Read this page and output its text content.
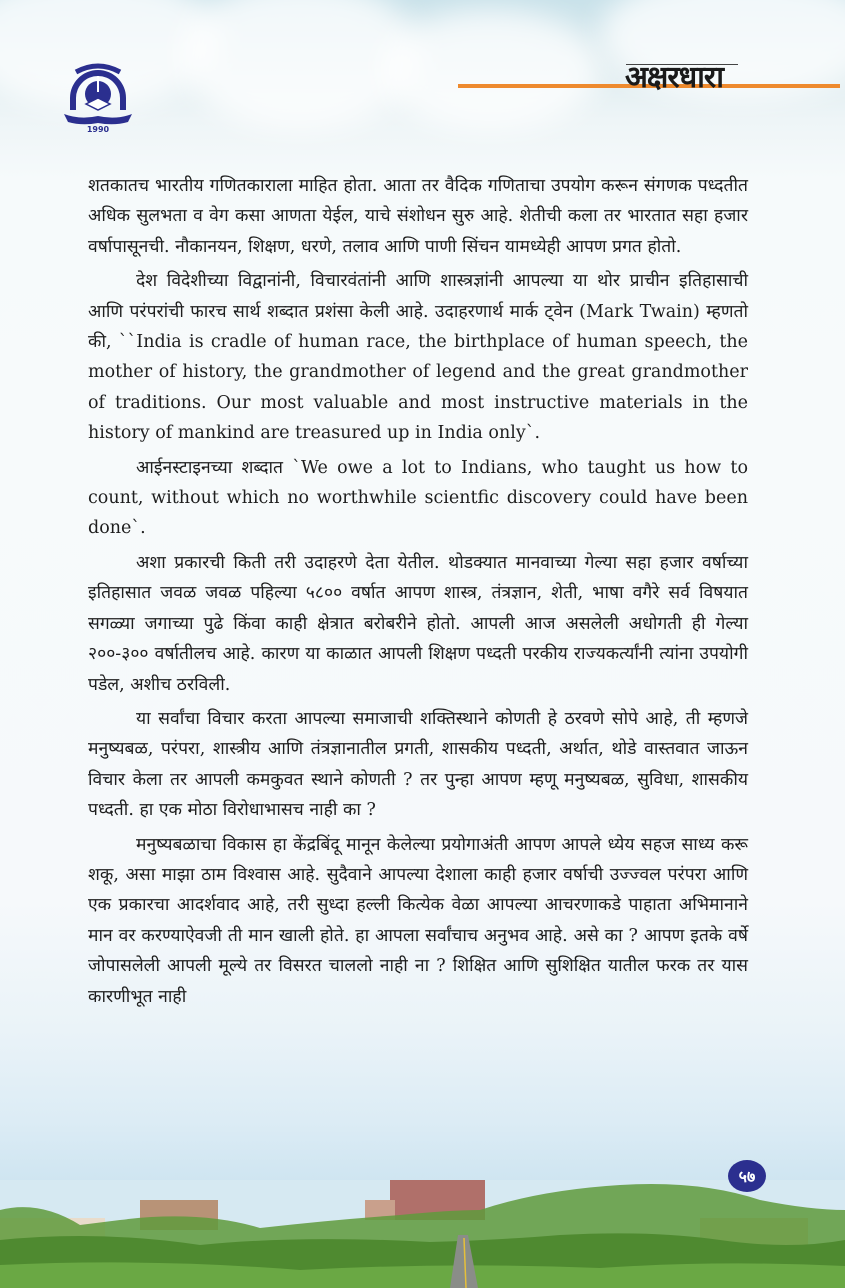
1990
अक्षरधारा

शतकातच भारतीय गणितकाराला माहित होता. आता तर वैदिक गणिताचा उपयोग करून संगणक पध्दतीत अधिक सुलभता व वेग कसा आणता येईल, याचे संशोधन सुरु आहे. शेतीची कला तर भारतात सहा हजार वर्षापासूनची. नौकानयन, शिक्षण, धरणे, तलाव आणि पाणी सिंचन यामध्येही आपण प्रगत होतो.

देश विदेशीच्या विद्वानांनी, विचारवंतांनी आणि शास्त्रज्ञांनी आपल्या या थोर प्राचीन इतिहासाची आणि परंपरांची फारच सार्थ शब्दात प्रशंसा केली आहे. उदाहरणार्थ मार्क ट्वेन (Mark Twain) म्हणतो की, ``India is cradle of human race, the birthplace of human speech, the mother of history, the grandmother of legend and the great grandmother of traditions. Our most valuable and most instructive materials in the history of mankind are treasured up in India only`.

आईनस्टाइनच्या शब्दात `We owe a lot to Indians, who taught us how to count, without which no worthwhile scientfic discovery could have been done`.

अशा प्रकारची किती तरी उदाहरणे देता येतील. थोडक्यात मानवाच्या गेल्या सहा हजार वर्षाच्या इतिहासात जवळ जवळ पहिल्या ५८०० वर्षात आपण शास्त्र, तंत्रज्ञान, शेती, भाषा वगैरे सर्व विषयात सगळ्या जगाच्या पुढे किंवा काही क्षेत्रात बरोबरीने होतो. आपली आज असलेली अधोगती ही गेल्या २००-३०० वर्षातीलच आहे. कारण या काळात आपली शिक्षण पध्दती परकीय राज्यकर्त्यांनी त्यांना उपयोगी पडेल, अशीच ठरविली.

या सर्वांचा विचार करता आपल्या समाजाची शक्तिस्थाने कोणती हे ठरवणे सोपे आहे, ती म्हणजे मनुष्यबळ, परंपरा, शास्त्रीय आणि तंत्रज्ञानातील प्रगती, शासकीय पध्दती, अर्थात, थोडे वास्तवात जाऊन विचार केला तर आपली कमकुवत स्थाने कोणती ? तर पुन्हा आपण म्हणू मनुष्यबळ, सुविधा, शासकीय पध्दती. हा एक मोठा विरोधाभासच नाही का ?

मनुष्यबळाचा विकास हा केंद्रबिंदू मानून केलेल्या प्रयोगाअंती आपण आपले ध्येय सहज साध्य करू शकू, असा माझा ठाम विश्वास आहे. सुदैवाने आपल्या देशाला काही हजार वर्षाची उज्ज्वल परंपरा आणि एक प्रकारचा आदर्शवाद आहे, तरी सुध्दा हल्ली कित्येक वेळा आपल्या आचरणाकडे पाहाता अभिमानाने मान वर करण्याऐवजी ती मान खाली होते. हा आपला सर्वांचाच अनुभव आहे. असे का ? आपण इतके वर्षे जोपासलेली आपली मूल्ये तर विसरत चाललो नाही ना ? शिक्षित आणि सुशिक्षित यातील फरक तर यास कारणीभूत नाही

५७
